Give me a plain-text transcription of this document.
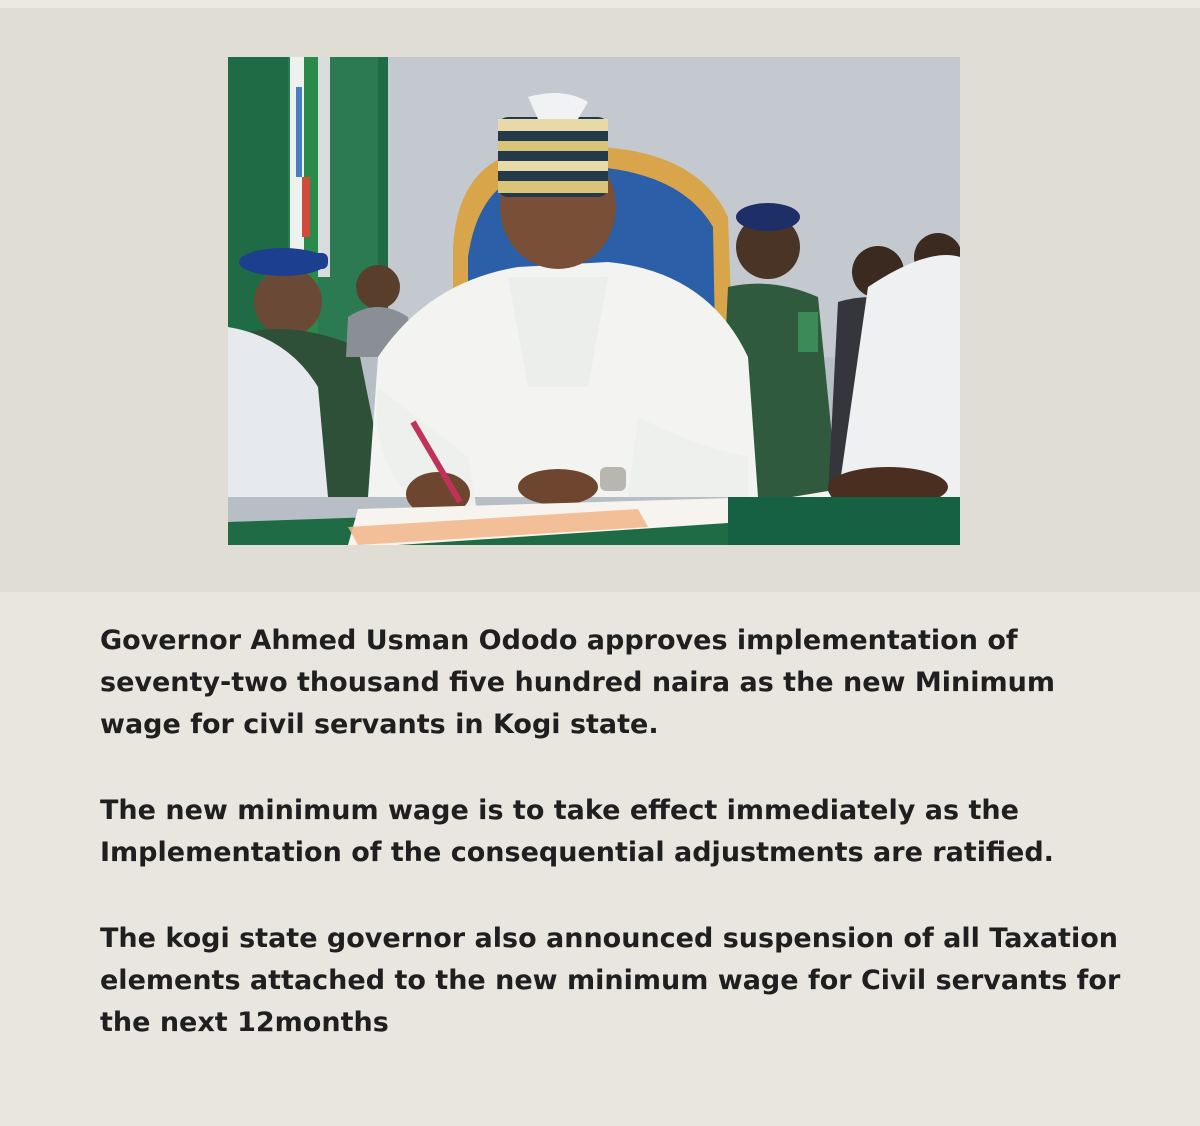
Governor Ahmed Usman Ododo approves implementation of seventy-two thousand five hundred naira as the new Minimum wage for civil servants in Kogi state.

The new minimum wage is to take effect immediately as the Implementation of the consequential adjustments are ratified.

The kogi state governor also announced suspension of all Taxation elements attached to the new minimum wage for Civil servants for the next 12months
